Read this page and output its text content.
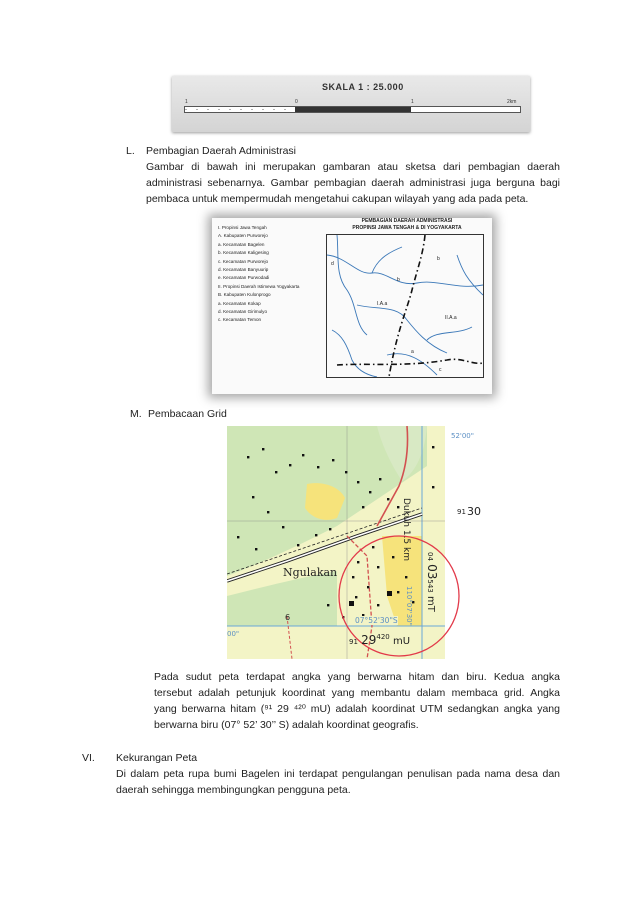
SKALA 1 : 25.000
1	0	1	2km
L. Pembagian Daerah Administrasi
Gambar di bawah ini merupakan gambaran atau sketsa dari pembagian daerah
administrasi sebenarnya. Gambar pembagian daerah administrasi juga berguna bagi
pembaca untuk mempermudah mengetahui cakupan wilayah yang ada pada peta.
I. Propinsi Jawa Tengah
A. Kabupaten Purworejo
a. Kecamatan Bagelen
b. Kecamatan Kaligesing
c. Kecamatan Purworejo
d. Kecamatan Banyuurip
e. Kecamatan Purwodadi
II. Propinsi Daerah Istimewa Yogyakarta
B. Kabupaten Kulonprogo
a. Kecamatan Kokap
d. Kecamatan Girimulyo
c. Kecamatan Temon
PEMBAGIAN DAERAH ADMINISTRASI
PROPINSI JAWA TENGAH & DI YOGYAKARTA
I.A.a
II.A.a
d
b
b
c
a
M. Pembacaan Grid
52'00"
00"
Dukuh 1.5 km	91 30
Ngulakan
6
04 03543 mT
110°07'30"
07°52'30"S
91 $29^{420}$ mU
Pada sudut peta terdapat angka yang berwarna hitam dan biru. Kedua angka
tersebut adalah petunjuk koordinat yang membantu dalam membaca grid. Angka
yang berwarna hitam (⁹¹ 29 ⁴²⁰ mU) adalah koordinat UTM sedangkan angka yang
berwarna biru (07° 52’ 30’’ S) adalah koordinat geografis.
VI. Kekurangan Peta
Di dalam peta rupa bumi Bagelen ini terdapat pengulangan penulisan pada nama desa dan
daerah sehingga membingungkan pengguna peta.
